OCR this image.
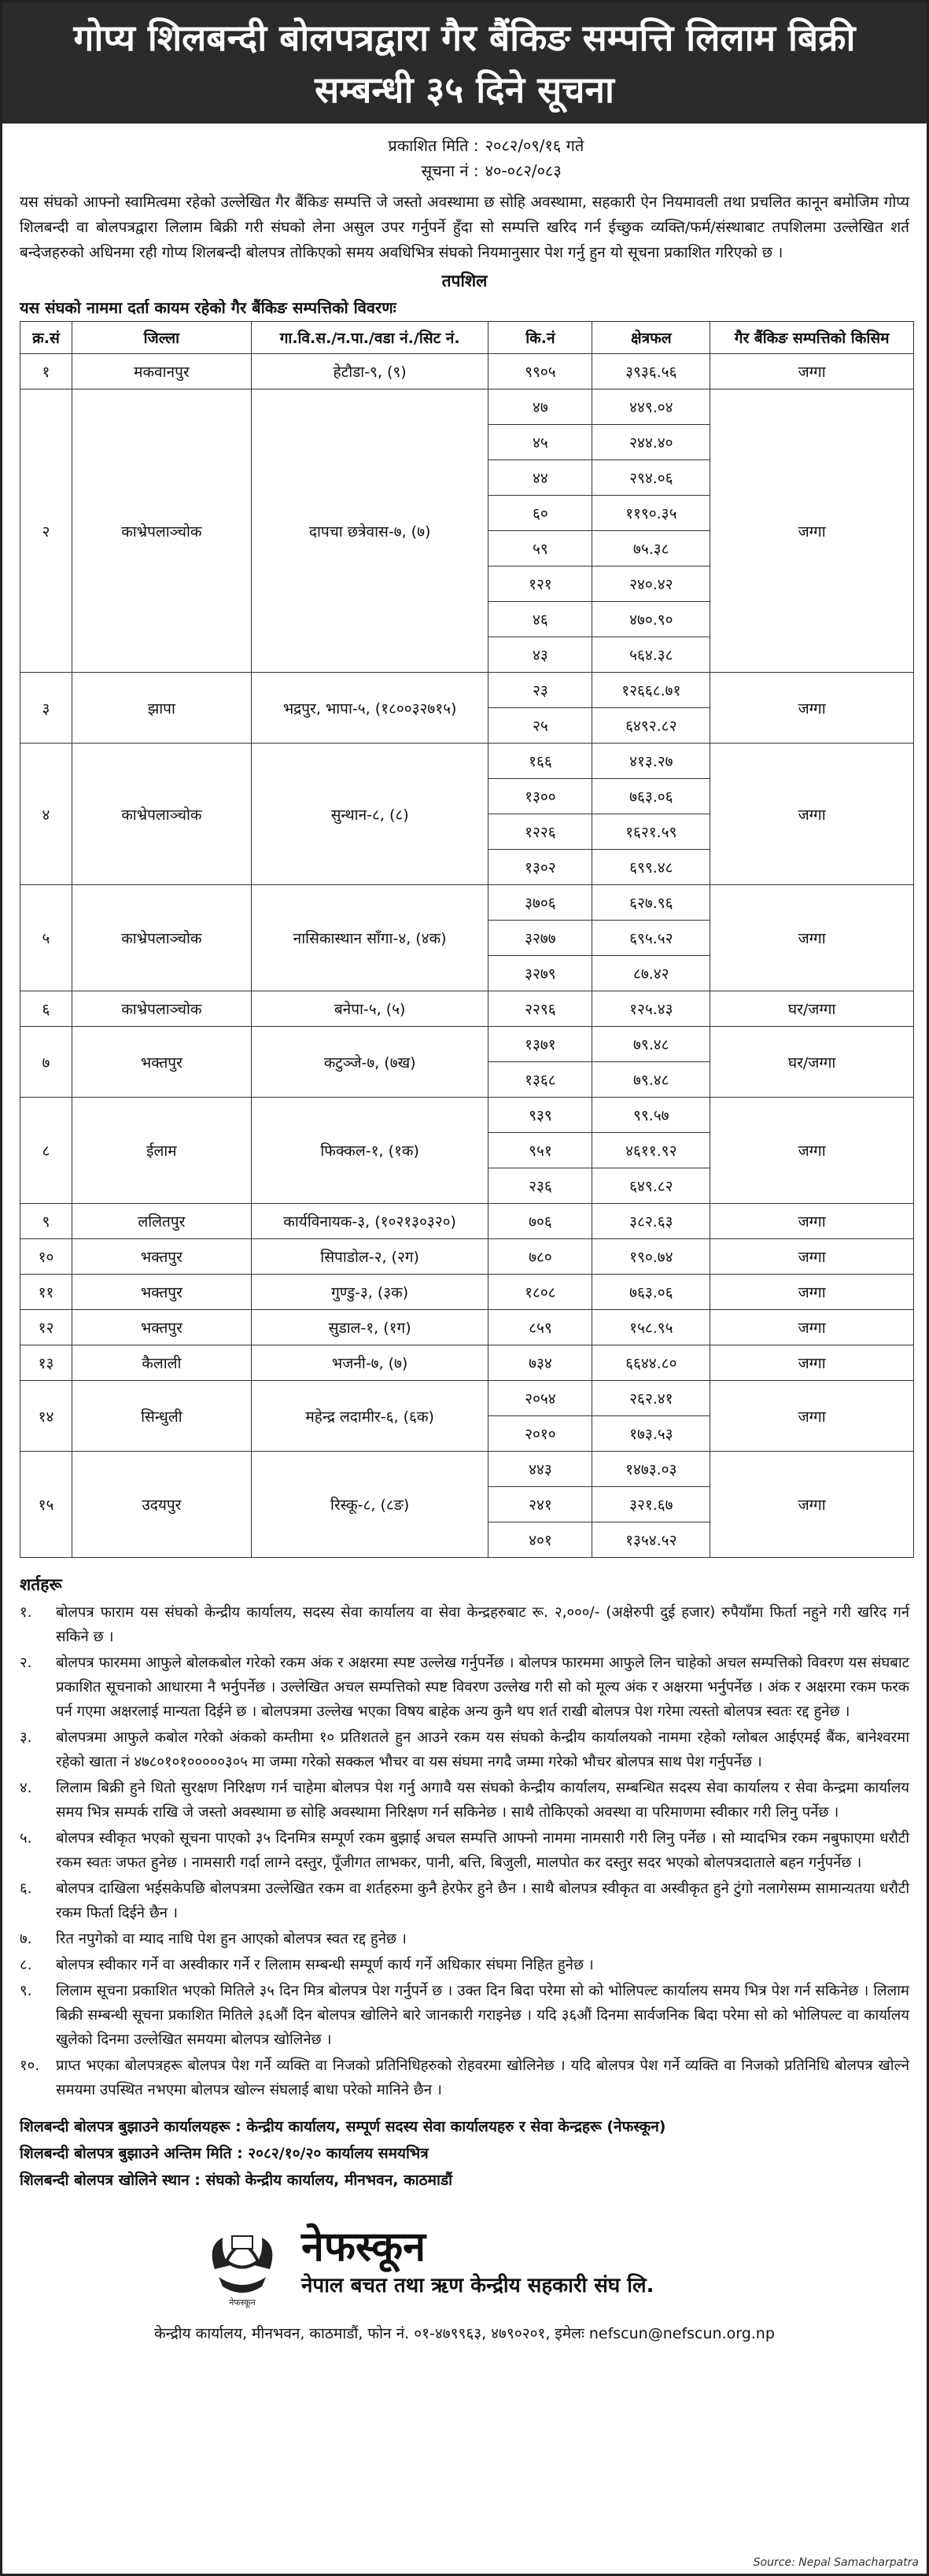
गोप्य शिलबन्दी बोलपत्रद्वारा गैर बैंकिङ सम्पत्ति लिलाम बिक्री
सम्बन्धी ३५ दिने सूचना
प्रकाशित मिति : २०८२/०९/१६ गते
सूचना नं : ४०-०८२/०८३
यस संघको आफ्नो स्वामित्वमा रहेको उल्लेखित गैर बैंकिङ सम्पत्ति जे जस्तो अवस्थामा छ सोहि अवस्थामा, सहकारी ऐन नियमावली तथा प्रचलित कानून बमोजिम गोप्य शिलबन्दी वा बोलपत्रद्वारा लिलाम बिक्री गरी संघको लेना असुल उपर गर्नुपर्ने हुँदा सो सम्पत्ति खरिद गर्न ईच्छुक व्यक्ति/फर्म/संस्थाबाट तपशिलमा उल्लेखित शर्त बन्देजहरुको अधिनमा रही गोप्य शिलबन्दी बोलपत्र तोकिएको समय अवधिभित्र संघको नियमानुसार पेश गर्नु हुन यो सूचना प्रकाशित गरिएको छ ।
तपशिल
यस संघको नाममा दर्ता कायम रहेको गैर बैंकिङ सम्पत्तिको विवरणः
क्र.सं	जिल्ला	गा.वि.स./न.पा./वडा नं./सिट नं.	कि.नं	क्षेत्रफल	गैर बैंकिङ सम्पत्तिको किसिम
१	मकवानपुर	हेटौडा-९, (९)	९९०५	३९३६.५६	जग्गा
२	काभ्रेपलाञ्चोक	दापचा छत्रेवास-७, (७)	४७	४४९.०४	जग्गा
			४५	२४४.४०	
			४४	२९४.०६	
			६०	११९०.३५	
			५९	७५.३८	
			१२१	२४०.४२	
			४६	४७०.९०	
			४३	५६४.३८	
३	झापा	भद्रपुर, भापा-५, (१८००३२७१५)	२३	१२६६८.७१	जग्गा
			२५	६४९२.८२	
४	काभ्रेपलाञ्चोक	सुन्थान-८, (८)	१६६	४१३.२७	जग्गा
			१३००	७६३.०६	
			१२२६	१६२१.५९	
			१३०२	६९९.४८	
५	काभ्रेपलाञ्चोक	नासिकास्थान साँगा-४, (४क)	३७०६	६२७.९६	जग्गा
			३२७७	६९५.५२	
			३२७९	८७.४२	
६	काभ्रेपलाञ्चोक	बनेपा-५, (५)	२२९६	१२५.४३	घर/जग्गा
७	भक्तपुर	कटुञ्जे-७, (७ख)	१३७१	७९.४८	घर/जग्गा
			१३६८	७९.४८	
८	ईलाम	फिक्कल-१, (१क)	९३९	९९.५७	जग्गा
			९५१	४६११.९२	
			२३६	६४९.८२	
९	ललितपुर	कार्यविनायक-३, (१०२१३०३२०)	७०६	३८२.६३	जग्गा
१०	भक्तपुर	सिपाडोल-२, (२ग)	७८०	१९०.७४	जग्गा
११	भक्तपुर	गुण्डु-३, (३क)	१८०८	७६३.०६	जग्गा
१२	भक्तपुर	सुडाल-१, (१ग)	८५९	१५८.९५	जग्गा
१३	कैलाली	भजनी-७, (७)	७३४	६६४४.८०	जग्गा
१४	सिन्धुली	महेन्द्र लदामीर-६, (६क)	२०५४	२६२.४१	जग्गा
			२०१०	१७३.५३	
१५	उदयपुर	रिस्कू-८, (८ङ)	४४३	१४७३.०३	जग्गा
			२४१	३२१.६७	
			४०१	१३५४.५२	
शर्तहरू
१.	बोलपत्र फाराम यस संघको केन्द्रीय कार्यालय, सदस्य सेवा कार्यालय वा सेवा केन्द्रहरुबाट रू. २,०००/- (अक्षेरुपी दुई हजार) रुपैयाँमा फिर्ता नहुने गरी खरिद गर्न सकिने छ ।
२.	बोलपत्र फारममा आफुले बोलकबोल गरेको रकम अंक र अक्षरमा स्पष्ट उल्लेख गर्नुपर्नेछ । बोलपत्र फारममा आफुले लिन चाहेको अचल सम्पत्तिको विवरण यस संघबाट प्रकाशित सूचनाको आधारमा नै भर्नुपर्नेछ । उल्लेखित अचल सम्पत्तिको स्पष्ट विवरण उल्लेख गरी सो को मूल्य अंक र अक्षरमा भर्नुपर्नेछ । अंक र अक्षरमा रकम फरक पर्न गएमा अक्षरलाई मान्यता दिईने छ । बोलपत्रमा उल्लेख भएका विषय बाहेक अन्य कुनै थप शर्त राखी बोलपत्र पेश गरेमा त्यस्तो बोलपत्र स्वतः रद्द हुनेछ ।
३.	बोलपत्रमा आफुले कबोल गरेको अंकको कम्तीमा १० प्रतिशतले हुन आउने रकम यस संघको केन्द्रीय कार्यालयको नाममा रहेको ग्लोबल आईएमई बैंक, बानेश्वरमा रहेको खाता नं ४७८०१०१०००००३०५ मा जम्मा गरेको सक्कल भौचर वा यस संघमा नगदै जम्मा गरेको भौचर बोलपत्र साथ पेश गर्नुपर्नेछ ।
४.	लिलाम बिक्री हुने धितो सुरक्षण निरिक्षण गर्न चाहेमा बोलपत्र पेश गर्नु अगावै यस संघको केन्द्रीय कार्यालय, सम्बन्धित सदस्य सेवा कार्यालय र सेवा केन्द्रमा कार्यालय समय भित्र सम्पर्क राखि जे जस्तो अवस्थामा छ सोहि अवस्थामा निरिक्षण गर्न सकिनेछ । साथै तोकिएको अवस्था वा परिमाणमा स्वीकार गरी लिनु पर्नेछ ।
५.	बोलपत्र स्वीकृत भएको सूचना पाएको ३५ दिनमित्र सम्पूर्ण रकम बुझाई अचल सम्पत्ति आफ्नो नाममा नामसारी गरी लिनु पर्नेछ । सो म्यादभित्र रकम नबुफाएमा धरौटी रकम स्वतः जफत हुनेछ । नामसारी गर्दा लाग्ने दस्तुर, पूँजीगत लाभकर, पानी, बत्ति, बिजुली, मालपोत कर दस्तुर सदर भएको बोलपत्रदाताले बहन गर्नुपर्नेछ ।
६.	बोलपत्र दाखिला भईसकेपछि बोलपत्रमा उल्लेखित रकम वा शर्तहरुमा कुनै हेरफेर हुने छैन । साथै बोलपत्र स्वीकृत वा अस्वीकृत हुने टुंगो नलागेसम्म सामान्यतया धरौटी रकम फिर्ता दिईने छैन ।
७.	रित नपुगेको वा म्याद नाधि पेश हुन आएको बोलपत्र स्वत रद्द हुनेछ ।
८.	बोलपत्र स्वीकार गर्ने वा अस्वीकार गर्ने र लिलाम सम्बन्धी सम्पूर्ण कार्य गर्ने अधिकार संघमा निहित हुनेछ ।
९.	लिलाम सूचना प्रकाशित भएको मितिले ३५ दिन मित्र बोलपत्र पेश गर्नुपर्ने छ । उक्त दिन बिदा परेमा सो को भोलिपल्ट कार्यालय समय भित्र पेश गर्न सकिनेछ । लिलाम बिक्री सम्बन्धी सूचना प्रकाशित मितिले ३६औं दिन बोलपत्र खोलिने बारे जानकारी गराइनेछ । यदि ३६औं दिनमा सार्वजनिक बिदा परेमा सो को भोलिपल्ट वा कार्यालय खुलेको दिनमा उल्लेखित समयमा बोलपत्र खोलिनेछ ।
१०.	प्राप्त भएका बोलपत्रहरू बोलपत्र पेश गर्ने व्यक्ति वा निजको प्रतिनिधिहरुको रोहवरमा खोलिनेछ । यदि बोलपत्र पेश गर्ने व्यक्ति वा निजको प्रतिनिधि बोलपत्र खोल्ने समयमा उपस्थित नभएमा बोलपत्र खोल्न संघलाई बाधा परेको मानिने छैन ।
शिलबन्दी बोलपत्र बुझाउने कार्यालयहरू : केन्द्रीय कार्यालय, सम्पूर्ण सदस्य सेवा कार्यालयहरु र सेवा केन्द्रहरू (नेफस्कून)
शिलबन्दी बोलपत्र बुझाउने अन्तिम मिति : २०८२/१०/२० कार्यालय समयभित्र
शिलबन्दी बोलपत्र खोलिने स्थान : संघको केन्द्रीय कार्यालय, मीनभवन, काठमाडौं
नेफस्कून
नेफस्कून
नेपाल बचत तथा ऋण केन्द्रीय सहकारी संघ लि.
केन्द्रीय कार्यालय, मीनभवन, काठमाडौं, फोन नं. ०१-४७९९६३, ४७९०२०१, इमेलः nefscun@nefscun.org.np
Source: Nepal Samacharpatra
